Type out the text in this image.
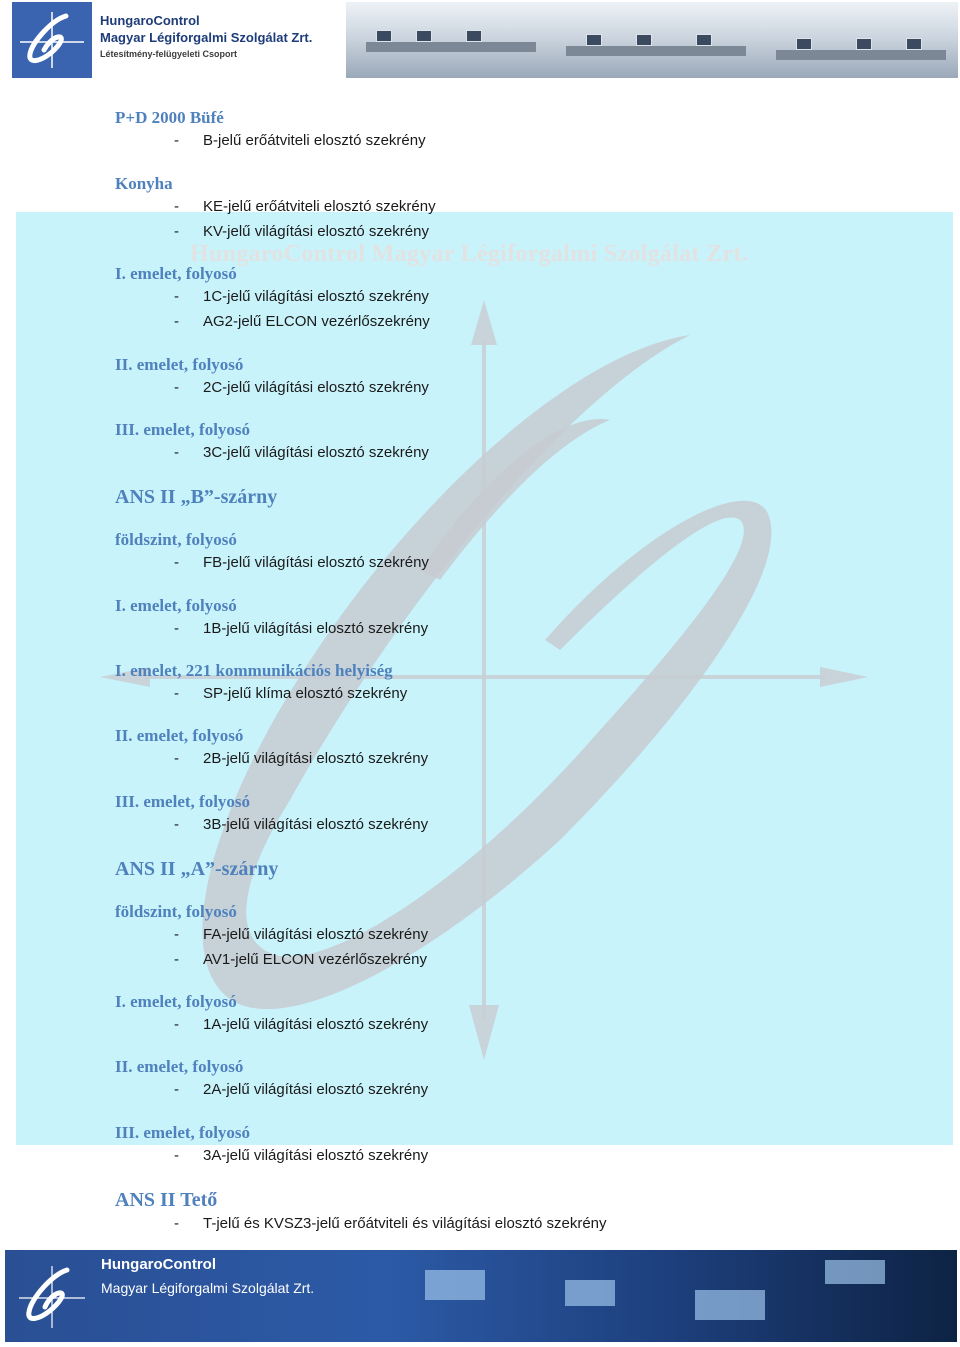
HungaroControl Magyar Légiforgalmi Szolgálat Zrt.
HungaroControl
Magyar Légiforgalmi Szolgálat Zrt.
Létesítmény-felügyeleti Csoport
P+D 2000 Büfé
- B-jelű erőátviteli elosztó szekrény
Konyha
- KE-jelű erőátviteli elosztó szekrény
- KV-jelű világítási elosztó szekrény
I. emelet, folyosó
- 1C-jelű világítási elosztó szekrény
- AG2-jelű ELCON vezérlőszekrény
II. emelet, folyosó
- 2C-jelű világítási elosztó szekrény
III. emelet, folyosó
- 3C-jelű világítási elosztó szekrény
ANS II „B”-szárny
földszint, folyosó
- FB-jelű világítási elosztó szekrény
I. emelet, folyosó
- 1B-jelű világítási elosztó szekrény
I. emelet, 221 kommunikációs helyiség
- SP-jelű klíma elosztó szekrény
II. emelet, folyosó
- 2B-jelű világítási elosztó szekrény
III. emelet, folyosó
- 3B-jelű világítási elosztó szekrény
ANS II „A”-szárny
földszint, folyosó
- FA-jelű világítási elosztó szekrény
- AV1-jelű ELCON vezérlőszekrény
I. emelet, folyosó
- 1A-jelű világítási elosztó szekrény
II. emelet, folyosó
- 2A-jelű világítási elosztó szekrény
III. emelet, folyosó
- 3A-jelű világítási elosztó szekrény
ANS II Tető
- T-jelű és KVSZ3-jelű erőátviteli és világítási elosztó szekrény
HungaroControl
Magyar Légiforgalmi Szolgálat Zrt.
